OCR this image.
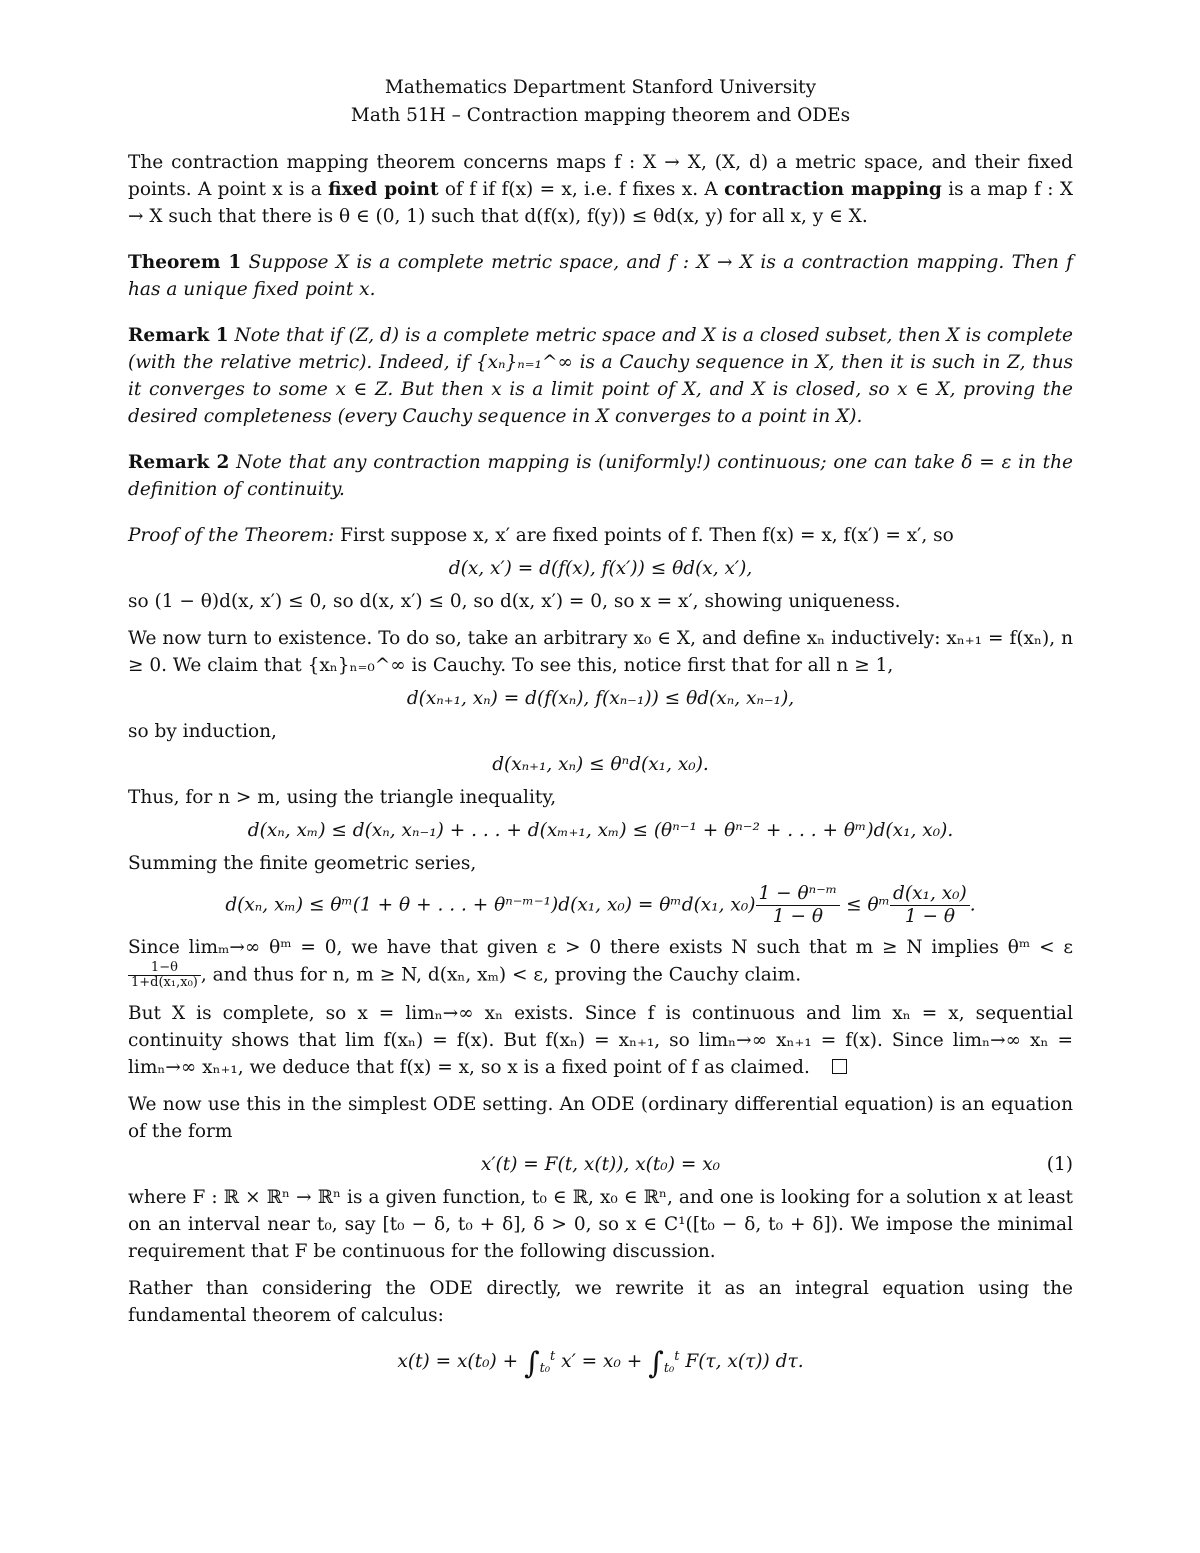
Mathematics Department Stanford University
Math 51H – Contraction mapping theorem and ODEs

The contraction mapping theorem concerns maps f : X → X, (X, d) a metric space, and their fixed points. A point x is a fixed point of f if f(x) = x, i.e. f fixes x. A contraction mapping is a map f : X → X such that there is θ ∈ (0, 1) such that d(f(x), f(y)) ≤ θd(x, y) for all x, y ∈ X.

Theorem 1 Suppose X is a complete metric space, and f : X → X is a contraction mapping. Then f has a unique fixed point x.

Remark 1 Note that if (Z, d) is a complete metric space and X is a closed subset, then X is complete (with the relative metric). Indeed, if {xₙ}ₙ₌₁^∞ is a Cauchy sequence in X, then it is such in Z, thus it converges to some x ∈ Z. But then x is a limit point of X, and X is closed, so x ∈ X, proving the desired completeness (every Cauchy sequence in X converges to a point in X).

Remark 2 Note that any contraction mapping is (uniformly!) continuous; one can take δ = ε in the definition of continuity.

Proof of the Theorem: First suppose x, x′ are fixed points of f. Then f(x) = x, f(x′) = x′, so

d(x, x′) = d(f(x), f(x′)) ≤ θd(x, x′),

so (1 − θ)d(x, x′) ≤ 0, so d(x, x′) ≤ 0, so d(x, x′) = 0, so x = x′, showing uniqueness.

We now turn to existence. To do so, take an arbitrary x₀ ∈ X, and define xₙ inductively: xₙ₊₁ = f(xₙ), n ≥ 0. We claim that {xₙ}ₙ₌₀^∞ is Cauchy. To see this, notice first that for all n ≥ 1,

d(xₙ₊₁, xₙ) = d(f(xₙ), f(xₙ₋₁)) ≤ θd(xₙ, xₙ₋₁),

so by induction,

d(xₙ₊₁, xₙ) ≤ θⁿd(x₁, x₀).

Thus, for n > m, using the triangle inequality,

d(xₙ, xₘ) ≤ d(xₙ, xₙ₋₁) + . . . + d(xₘ₊₁, xₘ) ≤ (θⁿ⁻¹ + θⁿ⁻² + . . . + θᵐ)d(x₁, x₀).

Summing the finite geometric series,

d(xₙ, xₘ) ≤ θᵐ(1 + θ + . . . + θⁿ⁻ᵐ⁻¹)d(x₁, x₀) = θᵐd(x₁, $x_0) \frac{\text{1 − θⁿ⁻ᵐ}}{1 - \theta}$ ≤ θᵐ $\frac{\text{d(x₁, x₀)}}{1 - \theta}$ .

Since limₘ→∞ θᵐ = 0, we have that given ε > 0 there exists N such that m ≥ N implies θᵐ < ε
$\frac{1-\theta}{\text{1+d(x₁,x₀)}}$ , and thus for n, m ≥ N, d(xₙ, xₘ) < ε, proving the Cauchy claim.

But X is complete, so x = limₙ→∞ xₙ exists. Since f is continuous and lim xₙ = x, sequential continuity shows that lim f(xₙ) = f(x). But f(xₙ) = xₙ₊₁, so limₙ→∞ xₙ₊₁ = f(x). Since limₙ→∞ xₙ = limₙ→∞ xₙ₊₁, we deduce that f(x) = x, so x is a fixed point of f as claimed.

We now use this in the simplest ODE setting. An ODE (ordinary differential equation) is an equation of the form

x′(t) = F(t, x(t)), x(t₀) = x₀	(1)

where F : ℝ × ℝⁿ → ℝⁿ is a given function, t₀ ∈ ℝ, x₀ ∈ ℝⁿ, and one is looking for a solution x at least on an interval near t₀, say [t₀ − δ, t₀ + δ], δ > 0, so x ∈ C¹([t₀ − δ, t₀ + δ]). We impose the minimal requirement that F be continuous for the following discussion.

Rather than considering the ODE directly, we rewrite it as an integral equation using the fundamental theorem of calculus:

$x(t) = x(t_0) + \int_{t_0}^t$ $x' = x_0 + \int_{t_0}^t$ F(τ, x(τ)) dτ.
